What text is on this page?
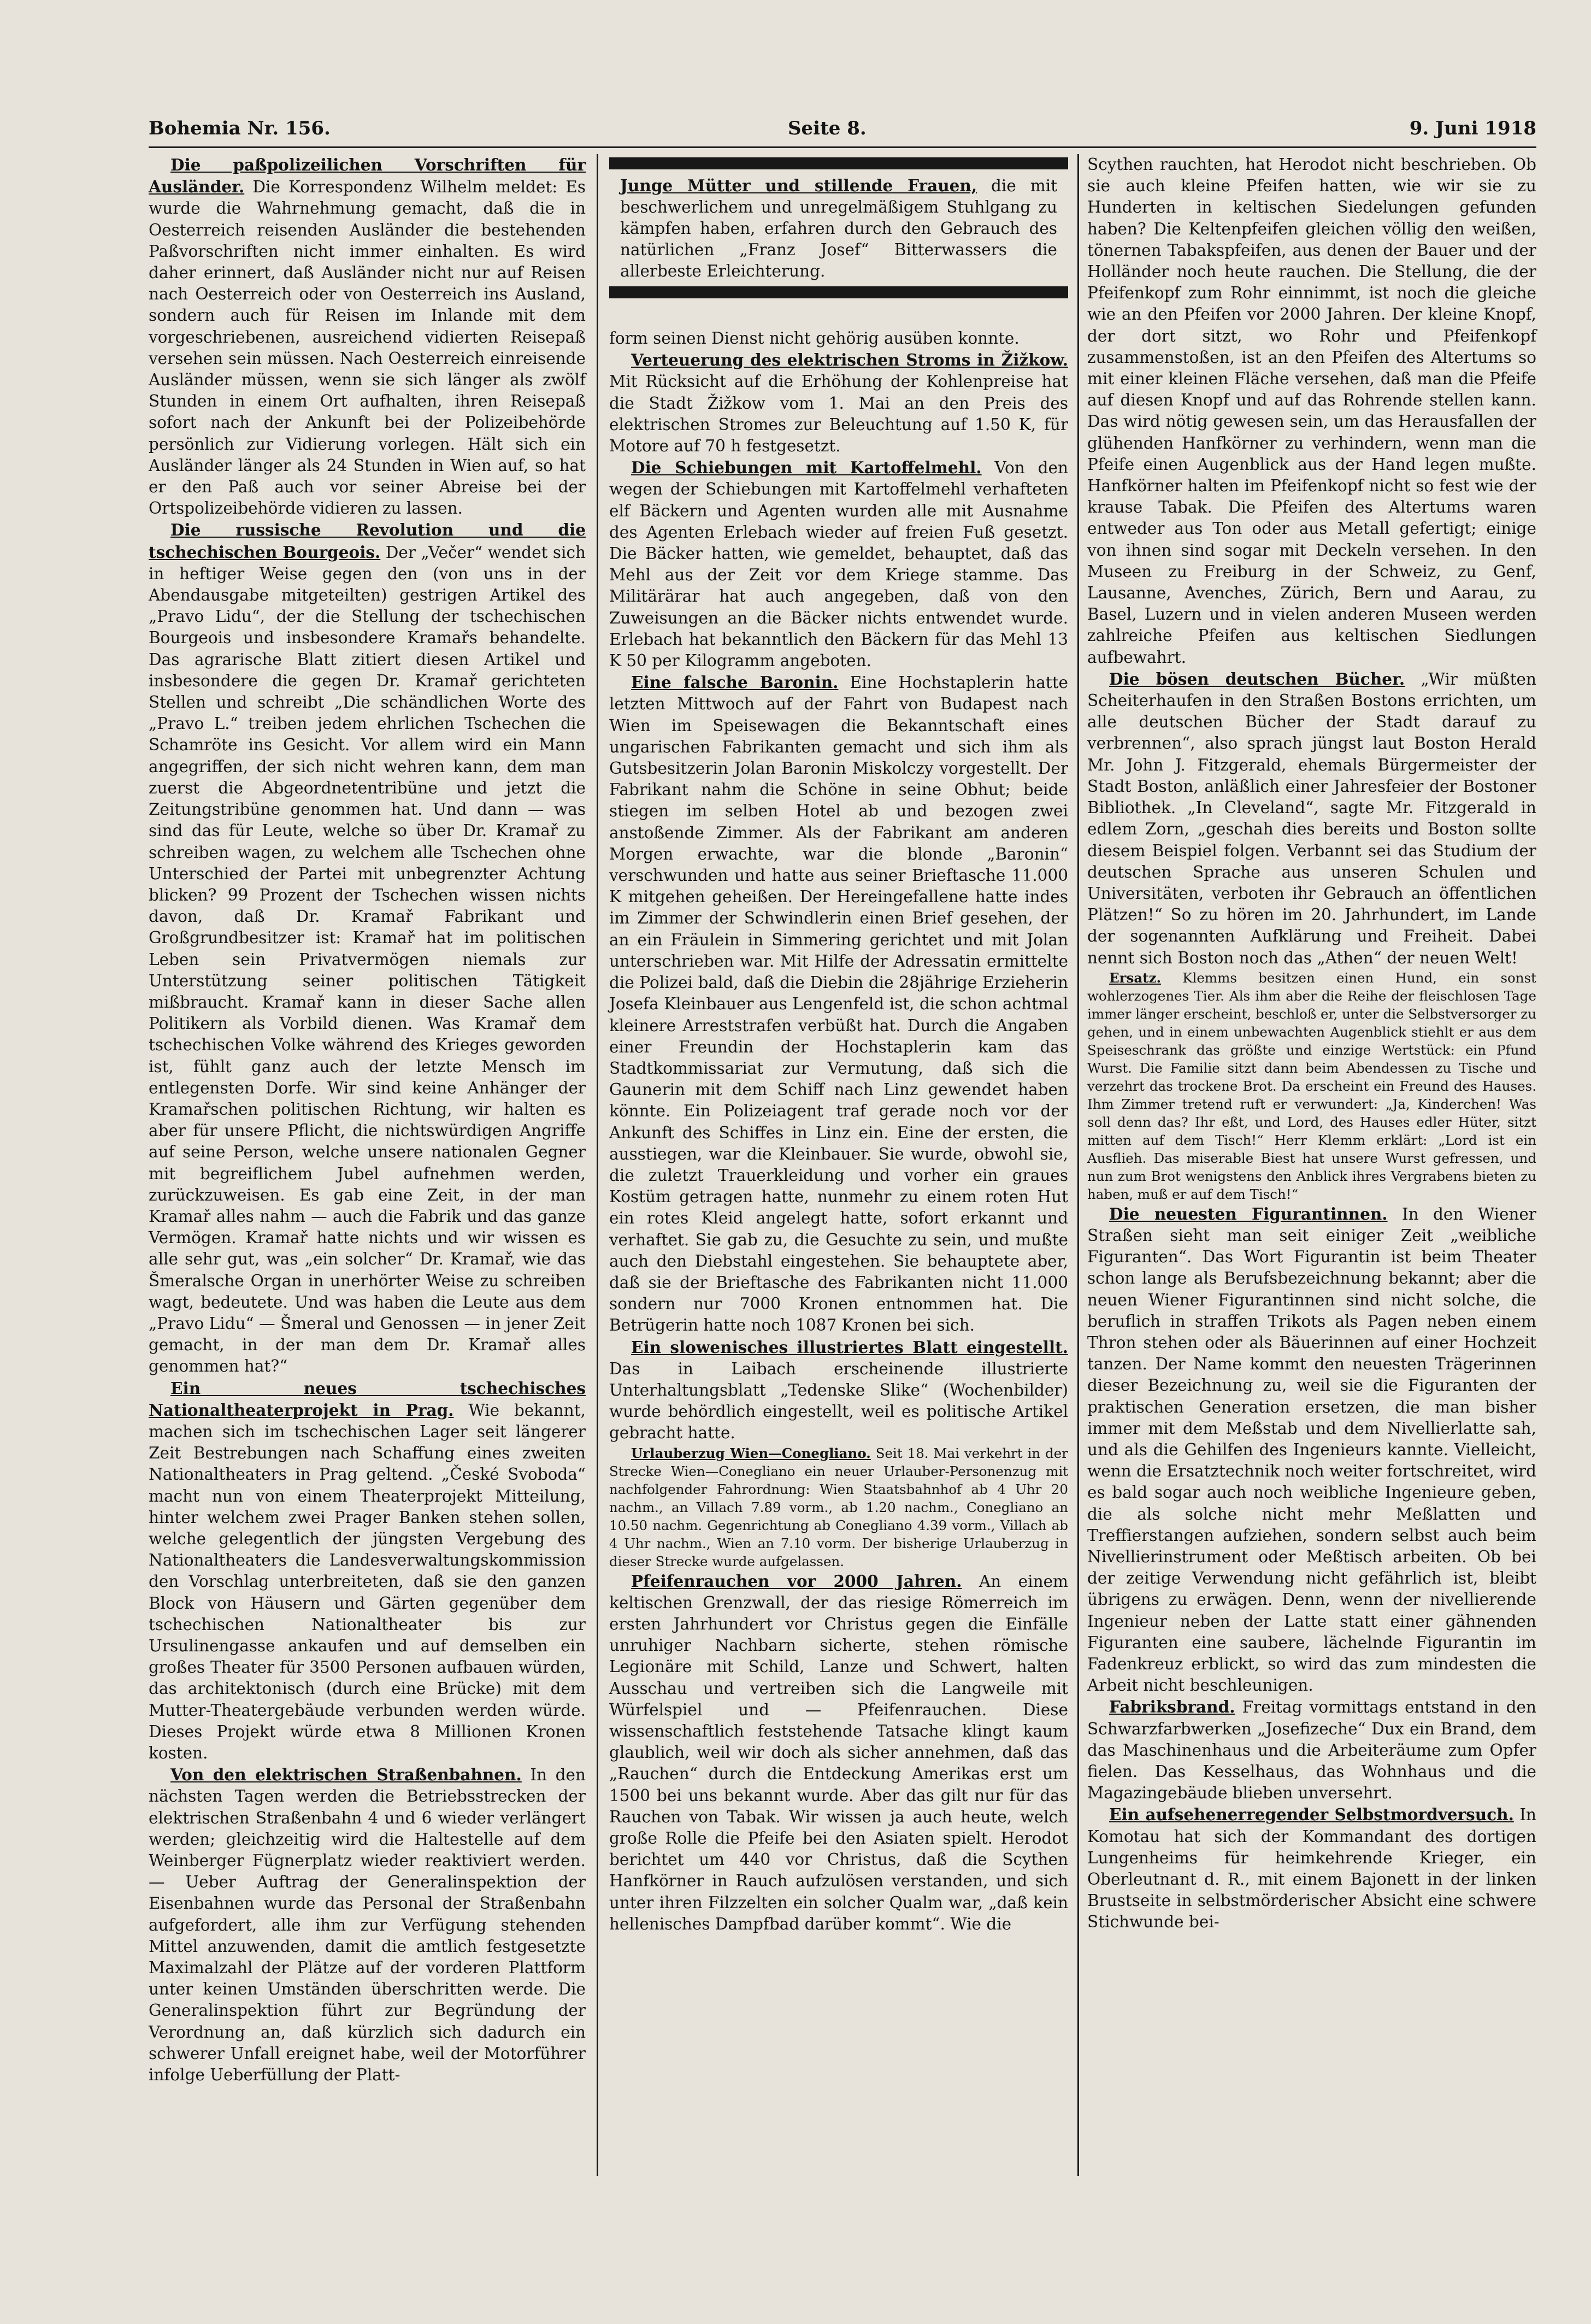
Bohemia Nr. 156.	Seite 8.	9. Juni 1918

Die paßpolizeilichen Vorschriften für Ausländer. Die Korrespondenz Wilhelm meldet: Es wurde die Wahrnehmung gemacht, daß die in Oesterreich reisenden Ausländer die bestehenden Paßvorschriften nicht immer einhalten. Es wird daher erinnert, daß Ausländer nicht nur auf Reisen nach Oesterreich oder von Oesterreich ins Ausland, sondern auch für Reisen im Inlande mit dem vorgeschriebenen, ausreichend vidierten Reisepaß versehen sein müssen. Nach Oesterreich einreisende Ausländer müssen, wenn sie sich länger als zwölf Stunden in einem Ort aufhalten, ihren Reisepaß sofort nach der Ankunft bei der Polizeibehörde persönlich zur Vidierung vorlegen. Hält sich ein Ausländer länger als 24 Stunden in Wien auf, so hat er den Paß auch vor seiner Abreise bei der Ortspolizeibehörde vidieren zu lassen.

Die russische Revolution und die tschechischen Bourgeois. Der „Večer“ wendet sich in heftiger Weise gegen den (von uns in der Abendausgabe mitgeteilten) gestrigen Artikel des „Pravo Lidu“, der die Stellung der tschechischen Bourgeois und insbesondere Kramařs behandelte. Das agrarische Blatt zitiert diesen Artikel und insbesondere die gegen Dr. Kramař gerichteten Stellen und schreibt „Die schändlichen Worte des „Pravo L.“ treiben jedem ehrlichen Tschechen die Schamröte ins Gesicht. Vor allem wird ein Mann angegriffen, der sich nicht wehren kann, dem man zuerst die Abgeordnetentribüne und jetzt die Zeitungstribüne genommen hat. Und dann — was sind das für Leute, welche so über Dr. Kramař zu schreiben wagen, zu welchem alle Tschechen ohne Unterschied der Partei mit unbegrenzter Achtung blicken? 99 Prozent der Tschechen wissen nichts davon, daß Dr. Kramař Fabrikant und Großgrundbesitzer ist: Kramař hat im politischen Leben sein Privatvermögen niemals zur Unterstützung seiner politischen Tätigkeit mißbraucht. Kramař kann in dieser Sache allen Politikern als Vorbild dienen. Was Kramař dem tschechischen Volke während des Krieges geworden ist, fühlt ganz auch der letzte Mensch im entlegensten Dorfe. Wir sind keine Anhänger der Kramařschen politischen Richtung, wir halten es aber für unsere Pflicht, die nichtswürdigen Angriffe auf seine Person, welche unsere nationalen Gegner mit begreiflichem Jubel aufnehmen werden, zurückzuweisen. Es gab eine Zeit, in der man Kramař alles nahm — auch die Fabrik und das ganze Vermögen. Kramař hatte nichts und wir wissen es alle sehr gut, was „ein solcher“ Dr. Kramař, wie das Šmeralsche Organ in unerhörter Weise zu schreiben wagt, bedeutete. Und was haben die Leute aus dem „Pravo Lidu“ — Šmeral und Genossen — in jener Zeit gemacht, in der man dem Dr. Kramař alles genommen hat?“

Ein neues tschechisches Nationaltheaterprojekt in Prag. Wie bekannt, machen sich im tschechischen Lager seit längerer Zeit Bestrebungen nach Schaffung eines zweiten Nationaltheaters in Prag geltend. „České Svoboda“ macht nun von einem Theaterprojekt Mitteilung, hinter welchem zwei Prager Banken stehen sollen, welche gelegentlich der jüngsten Vergebung des Nationaltheaters die Landesverwaltungskommission den Vorschlag unterbreiteten, daß sie den ganzen Block von Häusern und Gärten gegenüber dem tschechischen Nationaltheater bis zur Ursulinengasse ankaufen und auf demselben ein großes Theater für 3500 Personen aufbauen würden, das architektonisch (durch eine Brücke) mit dem Mutter-Theatergebäude verbunden werden würde. Dieses Projekt würde etwa 8 Millionen Kronen kosten.

Von den elektrischen Straßenbahnen. In den nächsten Tagen werden die Betriebsstrecken der elektrischen Straßenbahn 4 und 6 wieder verlängert werden; gleichzeitig wird die Haltestelle auf dem Weinberger Fügnerplatz wieder reaktiviert werden. — Ueber Auftrag der Generalinspektion der Eisenbahnen wurde das Personal der Straßenbahn aufgefordert, alle ihm zur Verfügung stehenden Mittel anzuwenden, damit die amtlich festgesetzte Maximalzahl der Plätze auf der vorderen Plattform unter keinen Umständen überschritten werde. Die Generalinspektion führt zur Begründung der Verordnung an, daß kürzlich sich dadurch ein schwerer Unfall ereignet habe, weil der Motorführer infolge Ueberfüllung der Platt-

Junge Mütter und stillende Frauen, die mit beschwerlichem und unregelmäßigem Stuhlgang zu kämpfen haben, erfahren durch den Gebrauch des natürlichen „Franz Josef“ Bitterwassers die allerbeste Erleichterung.

form seinen Dienst nicht gehörig ausüben konnte.

Verteuerung des elektrischen Stroms in Žižkow. Mit Rücksicht auf die Erhöhung der Kohlenpreise hat die Stadt Žižkow vom 1. Mai an den Preis des elektrischen Stromes zur Beleuchtung auf 1.50 K, für Motore auf 70 h festgesetzt.

Die Schiebungen mit Kartoffelmehl. Von den wegen der Schiebungen mit Kartoffelmehl verhafteten elf Bäckern und Agenten wurden alle mit Ausnahme des Agenten Erlebach wieder auf freien Fuß gesetzt. Die Bäcker hatten, wie gemeldet, behauptet, daß das Mehl aus der Zeit vor dem Kriege stamme. Das Militärärar hat auch angegeben, daß von den Zuweisungen an die Bäcker nichts entwendet wurde. Erlebach hat bekanntlich den Bäckern für das Mehl 13 K 50 per Kilogramm angeboten.

Eine falsche Baronin. Eine Hochstaplerin hatte letzten Mittwoch auf der Fahrt von Budapest nach Wien im Speisewagen die Bekanntschaft eines ungarischen Fabrikanten gemacht und sich ihm als Gutsbesitzerin Jolan Baronin Miskolczy vorgestellt. Der Fabrikant nahm die Schöne in seine Obhut; beide stiegen im selben Hotel ab und bezogen zwei anstoßende Zimmer. Als der Fabrikant am anderen Morgen erwachte, war die blonde „Baronin“ verschwunden und hatte aus seiner Brieftasche 11.000 K mitgehen geheißen. Der Hereingefallene hatte indes im Zimmer der Schwindlerin einen Brief gesehen, der an ein Fräulein in Simmering gerichtet und mit Jolan unterschrieben war. Mit Hilfe der Adressatin ermittelte die Polizei bald, daß die Diebin die 28jährige Erzieherin Josefa Kleinbauer aus Lengenfeld ist, die schon achtmal kleinere Arreststrafen verbüßt hat. Durch die Angaben einer Freundin der Hochstaplerin kam das Stadtkommissariat zur Vermutung, daß sich die Gaunerin mit dem Schiff nach Linz gewendet haben könnte. Ein Polizeiagent traf gerade noch vor der Ankunft des Schiffes in Linz ein. Eine der ersten, die ausstiegen, war die Kleinbauer. Sie wurde, obwohl sie, die zuletzt Trauerkleidung und vorher ein graues Kostüm getragen hatte, nunmehr zu einem roten Hut ein rotes Kleid angelegt hatte, sofort erkannt und verhaftet. Sie gab zu, die Gesuchte zu sein, und mußte auch den Diebstahl eingestehen. Sie behauptete aber, daß sie der Brieftasche des Fabrikanten nicht 11.000 sondern nur 7000 Kronen entnommen hat. Die Betrügerin hatte noch 1087 Kronen bei sich.

Ein slowenisches illustriertes Blatt eingestellt. Das in Laibach erscheinende illustrierte Unterhaltungsblatt „Tedenske Slike“ (Wochenbilder) wurde behördlich eingestellt, weil es politische Artikel gebracht hatte.

Urlauberzug Wien—Conegliano. Seit 18. Mai verkehrt in der Strecke Wien—Conegliano ein neuer Urlauber-Personenzug mit nachfolgender Fahrordnung: Wien Staatsbahnhof ab 4 Uhr 20 nachm., an Villach 7.89 vorm., ab 1.20 nachm., Conegliano an 10.50 nachm. Gegenrichtung ab Conegliano 4.39 vorm., Villach ab 4 Uhr nachm., Wien an 7.10 vorm. Der bisherige Urlauberzug in dieser Strecke wurde aufgelassen.

Pfeifenrauchen vor 2000 Jahren. An einem keltischen Grenzwall, der das riesige Römerreich im ersten Jahrhundert vor Christus gegen die Einfälle unruhiger Nachbarn sicherte, stehen römische Legionäre mit Schild, Lanze und Schwert, halten Ausschau und vertreiben sich die Langweile mit Würfelspiel und — Pfeifenrauchen. Diese wissenschaftlich feststehende Tatsache klingt kaum glaublich, weil wir doch als sicher annehmen, daß das „Rauchen“ durch die Entdeckung Amerikas erst um 1500 bei uns bekannt wurde. Aber das gilt nur für das Rauchen von Tabak. Wir wissen ja auch heute, welch große Rolle die Pfeife bei den Asiaten spielt. Herodot berichtet um 440 vor Christus, daß die Scythen Hanfkörner in Rauch aufzulösen verstanden, und sich unter ihren Filzzelten ein solcher Qualm war, „daß kein hellenisches Dampfbad darüber kommt“. Wie die

Scythen rauchten, hat Herodot nicht beschrieben. Ob sie auch kleine Pfeifen hatten, wie wir sie zu Hunderten in keltischen Siedelungen gefunden haben? Die Keltenpfeifen gleichen völlig den weißen, tönernen Tabakspfeifen, aus denen der Bauer und der Holländer noch heute rauchen. Die Stellung, die der Pfeifenkopf zum Rohr einnimmt, ist noch die gleiche wie an den Pfeifen vor 2000 Jahren. Der kleine Knopf, der dort sitzt, wo Rohr und Pfeifenkopf zusammenstoßen, ist an den Pfeifen des Altertums so mit einer kleinen Fläche versehen, daß man die Pfeife auf diesen Knopf und auf das Rohrende stellen kann. Das wird nötig gewesen sein, um das Herausfallen der glühenden Hanfkörner zu verhindern, wenn man die Pfeife einen Augenblick aus der Hand legen mußte. Hanfkörner halten im Pfeifenkopf nicht so fest wie der krause Tabak. Die Pfeifen des Altertums waren entweder aus Ton oder aus Metall gefertigt; einige von ihnen sind sogar mit Deckeln versehen. In den Museen zu Freiburg in der Schweiz, zu Genf, Lausanne, Avenches, Zürich, Bern und Aarau, zu Basel, Luzern und in vielen anderen Museen werden zahlreiche Pfeifen aus keltischen Siedlungen aufbewahrt.

Die bösen deutschen Bücher. „Wir müßten Scheiterhaufen in den Straßen Bostons errichten, um alle deutschen Bücher der Stadt darauf zu verbrennen“, also sprach jüngst laut Boston Herald Mr. John J. Fitzgerald, ehemals Bürgermeister der Stadt Boston, anläßlich einer Jahresfeier der Bostoner Bibliothek. „In Cleveland“, sagte Mr. Fitzgerald in edlem Zorn, „geschah dies bereits und Boston sollte diesem Beispiel folgen. Verbannt sei das Studium der deutschen Sprache aus unseren Schulen und Universitäten, verboten ihr Gebrauch an öffentlichen Plätzen!“ So zu hören im 20. Jahrhundert, im Lande der sogenannten Aufklärung und Freiheit. Dabei nennt sich Boston noch das „Athen“ der neuen Welt!

Ersatz. Klemms besitzen einen Hund, ein sonst wohlerzogenes Tier. Als ihm aber die Reihe der fleischlosen Tage immer länger erscheint, beschloß er, unter die Selbstversorger zu gehen, und in einem unbewachten Augenblick stiehlt er aus dem Speiseschrank das größte und einzige Wertstück: ein Pfund Wurst. Die Familie sitzt dann beim Abendessen zu Tische und verzehrt das trockene Brot. Da erscheint ein Freund des Hauses. Ihm Zimmer tretend ruft er verwundert: „Ja, Kinderchen! Was soll denn das? Ihr eßt, und Lord, des Hauses edler Hüter, sitzt mitten auf dem Tisch!“ Herr Klemm erklärt: „Lord ist ein Ausflieh. Das miserable Biest hat unsere Wurst gefressen, und nun zum Brot wenigstens den Anblick ihres Vergrabens bieten zu haben, muß er auf dem Tisch!“

Die neuesten Figurantinnen. In den Wiener Straßen sieht man seit einiger Zeit „weibliche Figuranten“. Das Wort Figurantin ist beim Theater schon lange als Berufsbezeichnung bekannt; aber die neuen Wiener Figurantinnen sind nicht solche, die beruflich in straffen Trikots als Pagen neben einem Thron stehen oder als Bäuerinnen auf einer Hochzeit tanzen. Der Name kommt den neuesten Trägerinnen dieser Bezeichnung zu, weil sie die Figuranten der praktischen Generation ersetzen, die man bisher immer mit dem Meßstab und dem Nivellierlatte sah, und als die Gehilfen des Ingenieurs kannte. Vielleicht, wenn die Ersatztechnik noch weiter fortschreitet, wird es bald sogar auch noch weibliche Ingenieure geben, die als solche nicht mehr Meßlatten und Treffierstangen aufziehen, sondern selbst auch beim Nivellierinstrument oder Meßtisch arbeiten. Ob bei der zeitige Verwendung nicht gefährlich ist, bleibt übrigens zu erwägen. Denn, wenn der nivellierende Ingenieur neben der Latte statt einer gähnenden Figuranten eine saubere, lächelnde Figurantin im Fadenkreuz erblickt, so wird das zum mindesten die Arbeit nicht beschleunigen.

Fabriksbrand. Freitag vormittags entstand in den Schwarzfarbwerken „Josefizeche“ Dux ein Brand, dem das Maschinenhaus und die Arbeiteräume zum Opfer fielen. Das Kesselhaus, das Wohnhaus und die Magazingebäude blieben unversehrt.

Ein aufsehenerregender Selbstmordversuch. In Komotau hat sich der Kommandant des dortigen Lungenheims für heimkehrende Krieger, ein Oberleutnant d. R., mit einem Bajonett in der linken Brustseite in selbstmörderischer Absicht eine schwere Stichwunde bei-
